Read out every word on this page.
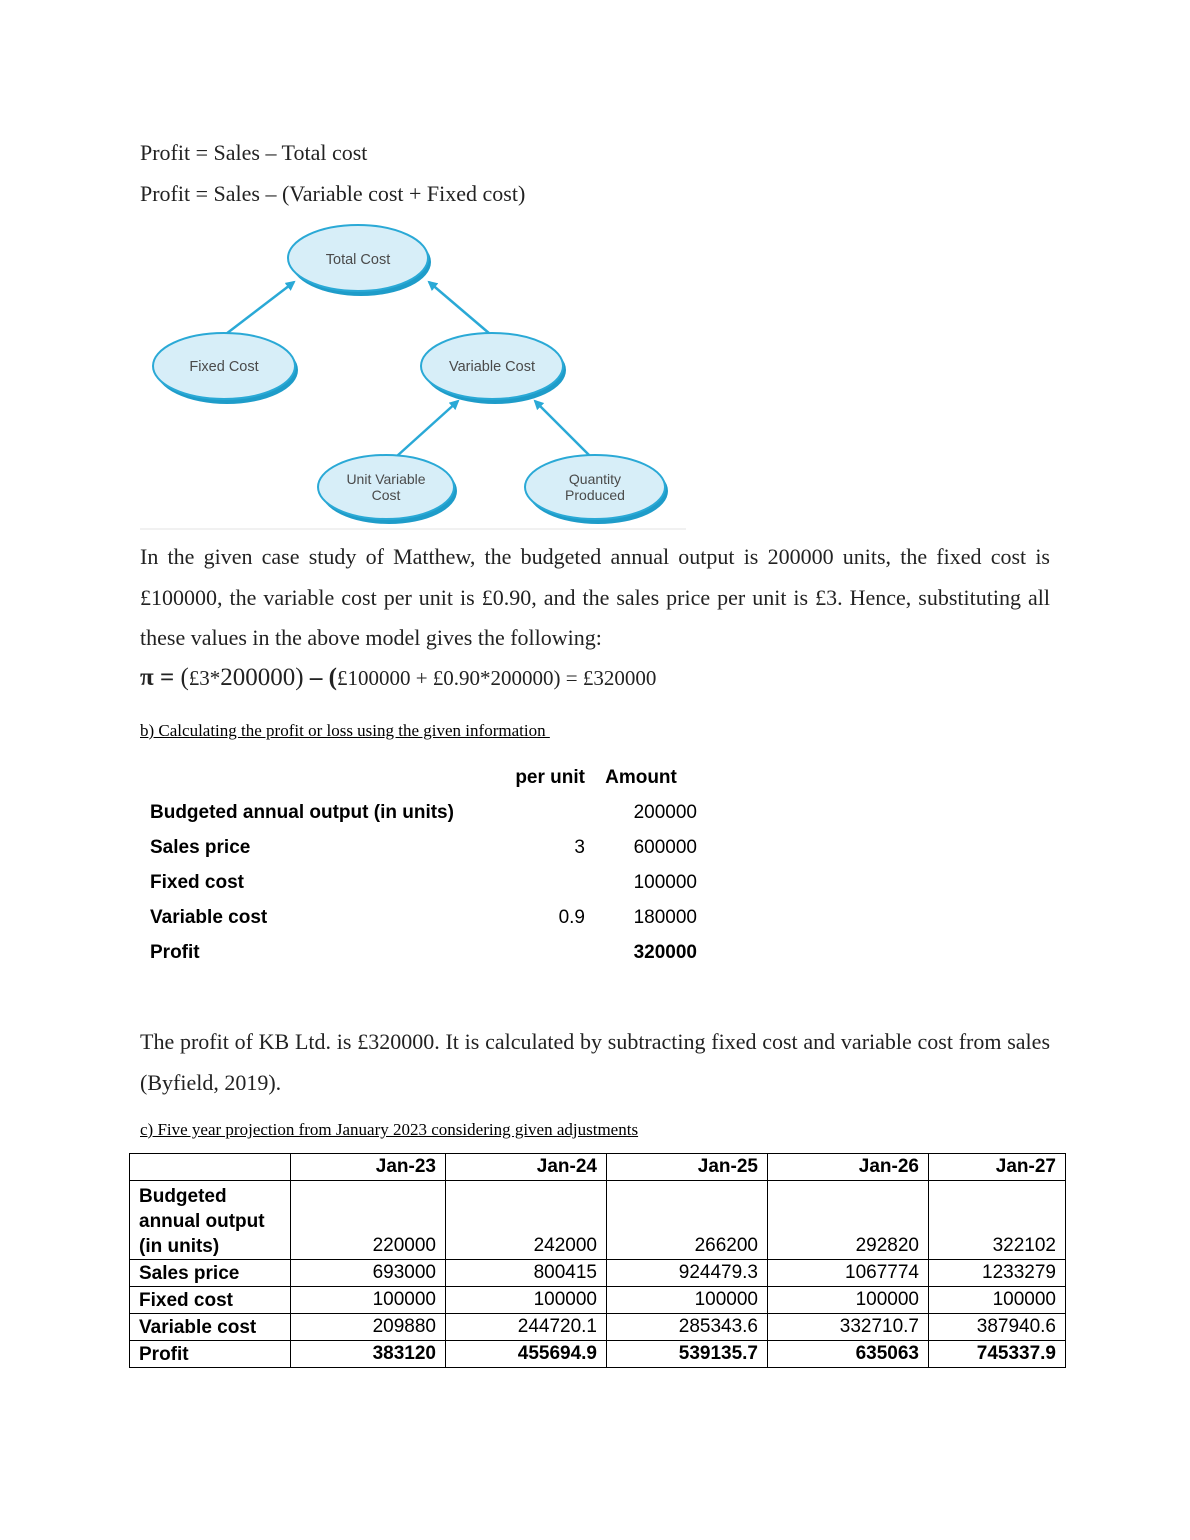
Profit = Sales – Total cost
Profit = Sales – (Variable cost + Fixed cost)
Total Cost
Fixed Cost	Variable Cost
Unit Variable
Cost
Quantity
Produced

In the given case study of Matthew, the budgeted annual output is 200000 units, the fixed cost is £100000, the variable cost per unit is £0.90, and the sales price per unit is £3. Hence, substituting all these values in the above model gives the following:

π = (£3*200000) – (£100000 + £0.90*200000) = £320000
b) Calculating the profit or loss using the given information
	per unit	Amount
Budgeted annual output (in units)		200000
Sales price	3	600000
Fixed cost		100000
Variable cost	0.9	180000
Profit		320000

The profit of KB Ltd. is £320000. It is calculated by subtracting fixed cost and variable cost from sales (Byfield, 2019).

c) Five year projection from January 2023 considering given adjustments
	Jan-23	Jan-24	Jan-25	Jan-26	Jan-27
Budgeted annual output (in units)	220000	242000	266200	292820	322102
Sales price	693000	800415	924479.3	1067774	1233279
Fixed cost	100000	100000	100000	100000	100000
Variable cost	209880	244720.1	285343.6	332710.7	387940.6
Profit	383120	455694.9	539135.7	635063	745337.9
